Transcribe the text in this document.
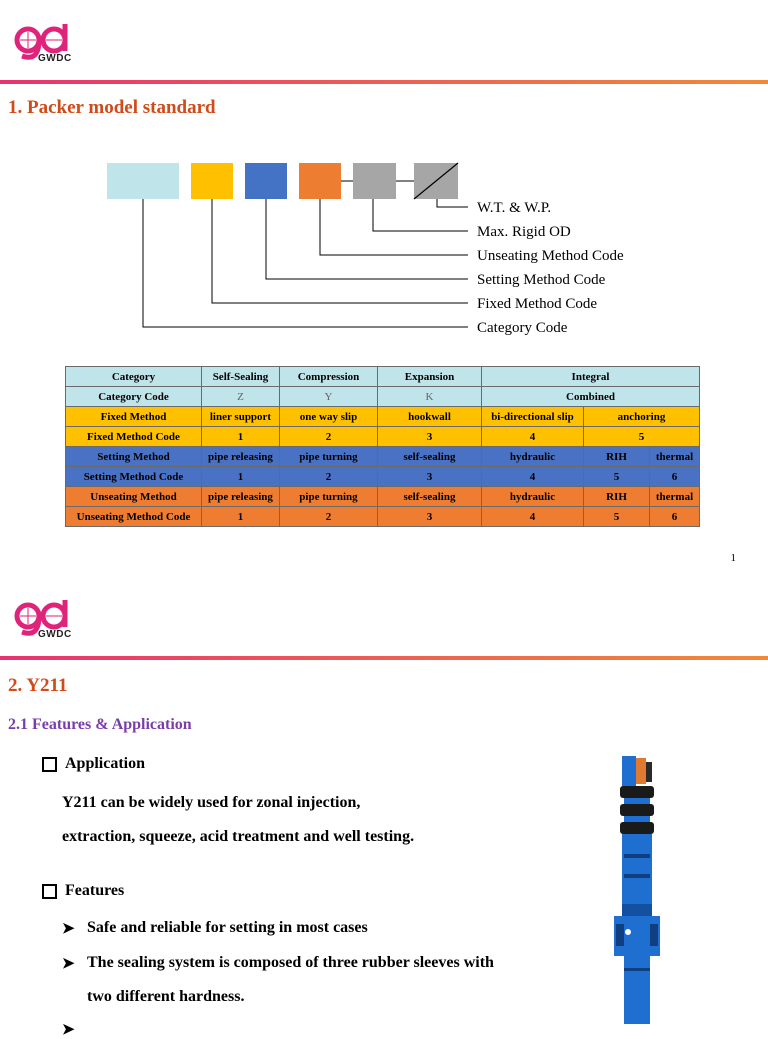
GWDC
1. Packer model standard
W.T. & W.P.
Max. Rigid OD
Unseating Method Code
Setting Method Code
Fixed Method Code
Category Code
Category	Self-Sealing	Compression	Expansion	Integral		
Category Code	Z	Y	K	Combined		
Fixed Method	liner support	one way slip	hookwall	bi-directional slip	anchoring	
Fixed Method Code	1	2	3	4	5	
Setting Method	pipe releasing	pipe turning	self-sealing	hydraulic	RIH	thermal
Setting Method Code	1	2	3	4	5	6
Unseating Method	pipe releasing	pipe turning	self-sealing	hydraulic	RIH	thermal
Unseating Method Code	1	2	3	4	5	6
1
GWDC
2. Y211
2.1 Features & Application
Application
Y211 can be widely used for zonal injection,
extraction, squeeze, acid treatment and well testing.
Features
➤ Safe and reliable for setting in most cases
➤ The sealing system is composed of three rubber sleeves with
two different hardness.
➤
